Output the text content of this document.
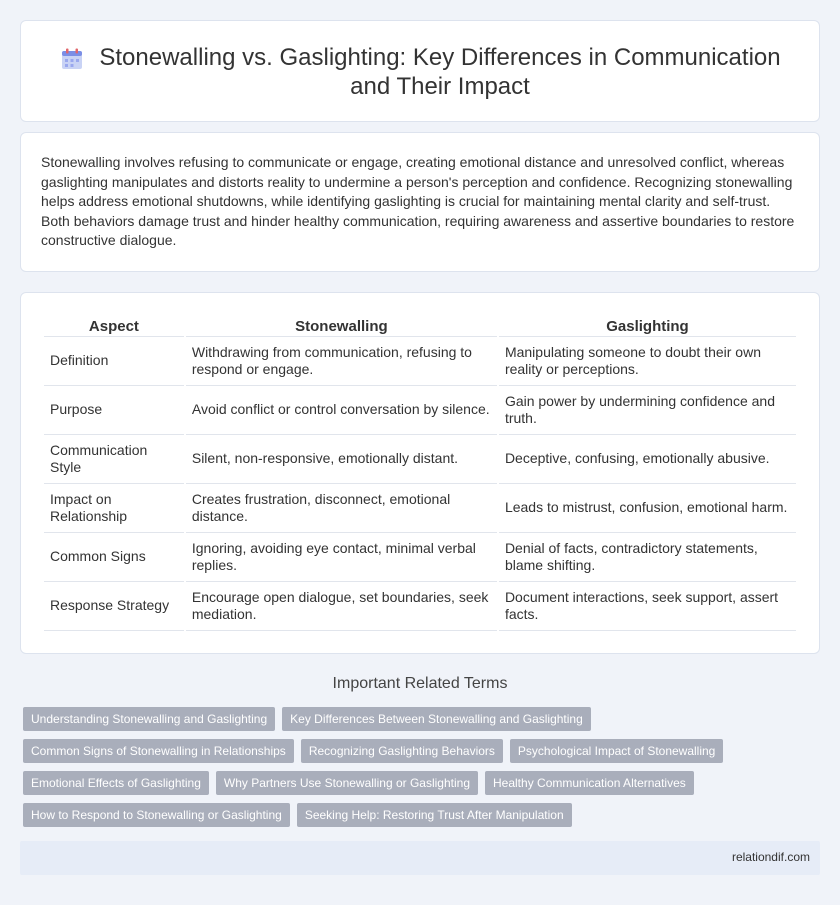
Stonewalling vs. Gaslighting: Key Differences in Communication and Their Impact

Stonewalling involves refusing to communicate or engage, creating emotional distance and unresolved conflict, whereas gaslighting manipulates and distorts reality to undermine a person's perception and confidence. Recognizing stonewalling helps address emotional shutdowns, while identifying gaslighting is crucial for maintaining mental clarity and self-trust. Both behaviors damage trust and hinder healthy communication, requiring awareness and assertive boundaries to restore constructive dialogue.

Aspect	Stonewalling	Gaslighting
Definition	Withdrawing from communication, refusing to respond or engage.	Manipulating someone to doubt their own reality or perceptions.
Purpose	Avoid conflict or control conversation by silence.	Gain power by undermining confidence and truth.
Communication Style	Silent, non-responsive, emotionally distant.	Deceptive, confusing, emotionally abusive.
Impact on Relationship	Creates frustration, disconnect, emotional distance.	Leads to mistrust, confusion, emotional harm.
Common Signs	Ignoring, avoiding eye contact, minimal verbal replies.	Denial of facts, contradictory statements, blame shifting.
Response Strategy	Encourage open dialogue, set boundaries, seek mediation.	Document interactions, seek support, assert facts.
Important Related Terms
Understanding Stonewalling and Gaslighting	Key Differences Between Stonewalling and Gaslighting
Common Signs of Stonewalling in Relationships	Recognizing Gaslighting Behaviors	Psychological Impact of Stonewalling
Emotional Effects of Gaslighting	Why Partners Use Stonewalling or Gaslighting	Healthy Communication Alternatives
How to Respond to Stonewalling or Gaslighting	Seeking Help: Restoring Trust After Manipulation
relationdif.com
